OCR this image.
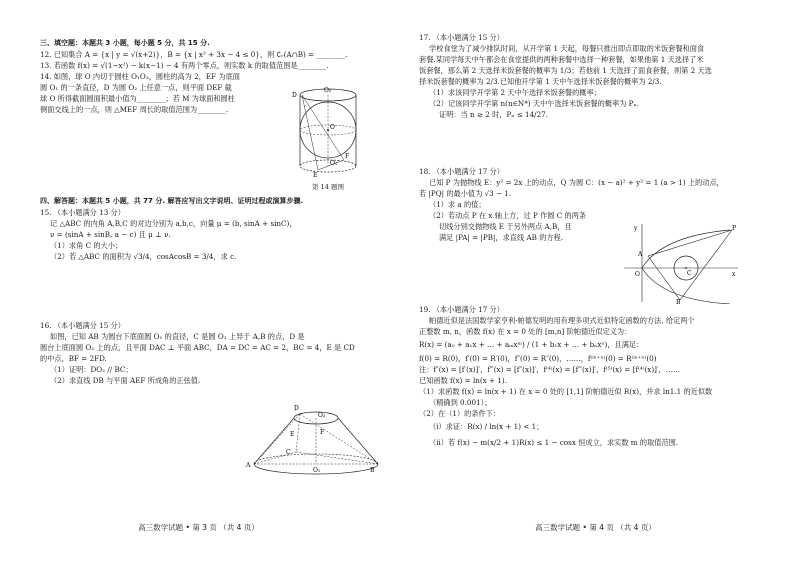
三、填空题：本题共 3 小题，每小题 5 分，共 15 分.
12. 已知集合 A = {x | y = √(x+2)}，B = {x | x² + 3x − 4 ≤ 0}，则 ∁ᵣ(A∩B) = ________.
13. 若函数 f(x) = √(1−x²) − k(x−1) − 4 有两个零点，则实数 k 的取值范围是________.
14. 如图，球 O 内切于圆柱 O₁O₂，圆柱的高为 2，EF 为底面
圆 O₁ 的一条直径，D 为圆 O₂ 上任意一点，则平面 DEF 截
球 O 所得截面圆面积最小值为________；若 M 为球面和圆柱
侧面交线上的一点，则 △MEF 周长的取值范围为________.
O₂
D
O
F
E
O₁
第 14 题图
四、解答题：本题共 5 小题，共 77 分. 解答应写出文字说明、证明过程或演算步骤.
15. （本小题满分 13 分）
记 △ABC 的内角 A,B,C 的对边分别为 a,b,c，向量 μ = (b, sinA + sinC)，
ν = (sinA + sinB, a − c) 且 μ ⊥ ν.
（1）求角 C 的大小；
（2）若 △ABC 的面积为 √3/4，cosAcosB = 3/4，求 c.
16. （本小题满分 15 分）
如图，已知 AB 为圆台下底面圆 O₁ 的直径，C 是圆 O₁ 上异于 A,B 的点，D 是
圆台上底面圆 O₂ 上的点，且平面 DAC ⊥ 平面 ABC，DA = DC = AC = 2，BC = 4，E 是 CD
的中点，BF = 2FD.
（1）证明：DO₂ // BC；
（2）求直线 DB 与平面 AEF 所成角的正弦值.
D
O₂
E	F
C
A
O₁	B
高三数学试题 • 第 3 页 （共 4 页）
17. （本小题满分 15 分）
学校食堂为了减少排队时间，从开学第 1 天起，每餐只推出即点即取的米饭套餐和面食
套餐.某同学每天中午都会在食堂提供的两种套餐中选择一种套餐，如果他第 1 天选择了米
饭套餐，那么第 2 天选择米饭套餐的概率为 1/3；若他前 1 天选择了面食套餐，则第 2 天选
择米饭套餐的概率为 2/3.已知他开学第 1 天中午选择米饭套餐的概率为 2/3.
（1）求该同学开学第 2 天中午选择米饭套餐的概率；
（2）记该同学开学第 n(n∈N*) 天中午选择米饭套餐的概率为 Pₙ.
证明：当 n ≥ 2 时，Pₙ ≤ 14/27.
18. （本小题满分 17 分）
已知 P 为抛物线 E：y² = 2x 上的动点，Q 为圆 C：(x − a)² + y² = 1 (a > 1) 上的动点，
若 |PQ| 的最小值为 √3 − 1.
（1）求 a 的值；
（2）若动点 P 在 x 轴上方，过 P 作圆 C 的两条
切线分别交抛物线 E 于另外两点 A,B，且
满足 |PA| = |PB|，求直线 AB 的方程.
y	P
O
A
C	x
B
19. （本小题满分 17 分）
帕德近似是法国数学家亨利·帕德发明的用有理多项式近似特定函数的方法. 给定两个
正整数 m, n，函数 f(x) 在 x = 0 处的 [m,n] 阶帕德近似定义为：
R(x) = (a₀ + a₁x + … + aₘxᵐ) / (1 + b₁x + … + bₙxⁿ)，且满足：
f(0) = R(0)，f′(0) = R′(0)，f″(0) = R″(0)，……，f⁽ᵐ⁺ⁿ⁾(0) = R⁽ᵐ⁺ⁿ⁾(0)
注：f″(x) = [f′(x)]′，f‴(x) = [f″(x)]′，f⁽⁴⁾(x) = [f‴(x)]′，f⁽⁵⁾(x) = [f⁽⁴⁾(x)]′，……
已知函数 f(x) = ln(x + 1).
（1）求函数 f(x) = ln(x + 1) 在 x = 0 处的 [1,1] 阶帕德近似 R(x)，并求 ln1.1 的近似数
（精确到 0.001）；
（2）在（1）的条件下：
（i）求证：R(x) / ln(x + 1) < 1；
（ii）若 f(x) − m(x/2 + 1)R(x) ≤ 1 − cosx 恒成立，求实数 m 的取值范围.
高三数学试题 • 第 4 页 （共 4 页）
